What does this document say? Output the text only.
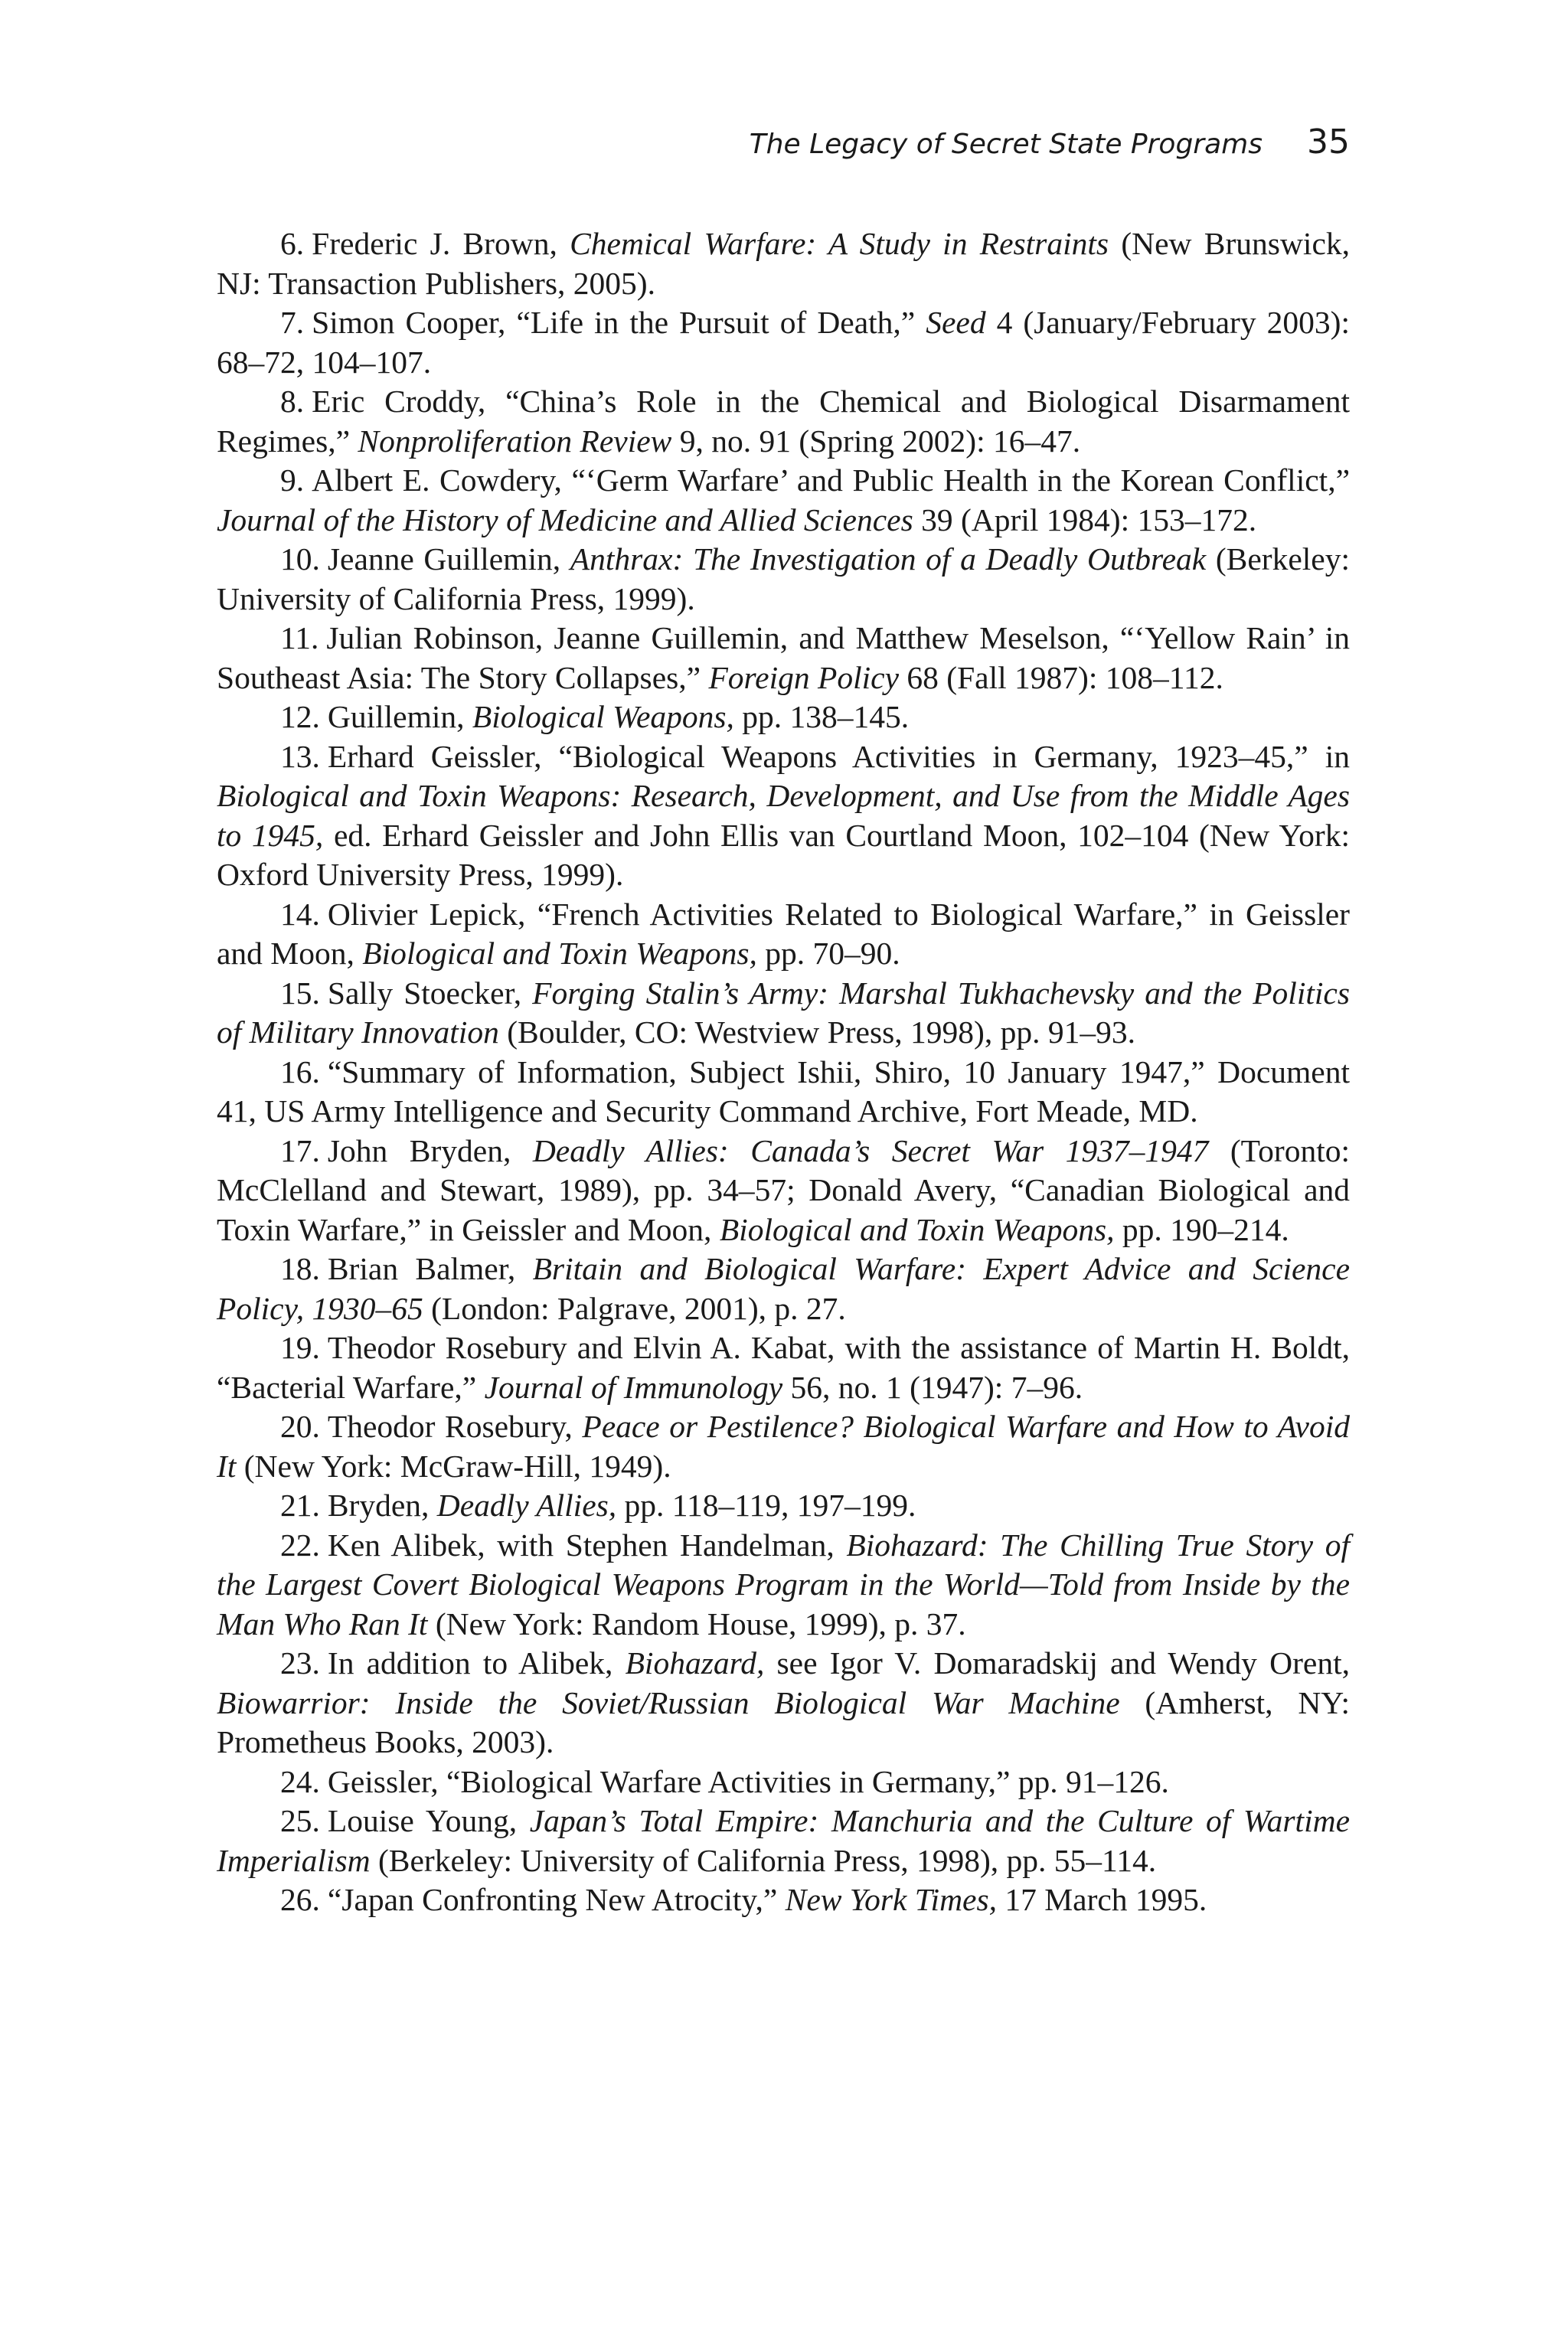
The Legacy of Secret State Programs 35
6. Frederic J. Brown, Chemical Warfare: A Study in Restraints (New Brunswick, NJ: Transaction Publishers, 2005).
7. Simon Cooper, “Life in the Pursuit of Death,” Seed 4 (January/February 2003): 68–72, 104–107.
8. Eric Croddy, “China’s Role in the Chemical and Biological Disarmament Regimes,” Nonproliferation Review 9, no. 91 (Spring 2002): 16–47.
9. Albert E. Cowdery, “‘Germ Warfare’ and Public Health in the Korean Conflict,” Journal of the History of Medicine and Allied Sciences 39 (April 1984): 153–172.
10. Jeanne Guillemin, Anthrax: The Investigation of a Deadly Outbreak (Berkeley: University of California Press, 1999).
11. Julian Robinson, Jeanne Guillemin, and Matthew Meselson, “‘Yellow Rain’ in Southeast Asia: The Story Collapses,” Foreign Policy 68 (Fall 1987): 108–112.
12. Guillemin, Biological Weapons, pp. 138–145.
13. Erhard Geissler, “Biological Weapons Activities in Germany, 1923–45,” in Biological and Toxin Weapons: Research, Development, and Use from the Middle Ages to 1945, ed. Erhard Geissler and John Ellis van Courtland Moon, 102–104 (New York: Oxford University Press, 1999).
14. Olivier Lepick, “French Activities Related to Biological Warfare,” in Geissler and Moon, Biological and Toxin Weapons, pp. 70–90.
15. Sally Stoecker, Forging Stalin’s Army: Marshal Tukhachevsky and the Politics of Military Innovation (Boulder, CO: Westview Press, 1998), pp. 91–93.
16. “Summary of Information, Subject Ishii, Shiro, 10 January 1947,” Document 41, US Army Intelligence and Security Command Archive, Fort Meade, MD.
17. John Bryden, Deadly Allies: Canada’s Secret War 1937–1947 (Toronto: McClelland and Stewart, 1989), pp. 34–57; Donald Avery, “Canadian Biological and Toxin Warfare,” in Geissler and Moon, Biological and Toxin Weapons, pp. 190–214.
18. Brian Balmer, Britain and Biological Warfare: Expert Advice and Science Policy, 1930–65 (London: Palgrave, 2001), p. 27.
19. Theodor Rosebury and Elvin A. Kabat, with the assistance of Martin H. Boldt, “Bacterial Warfare,” Journal of Immunology 56, no. 1 (1947): 7–96.
20. Theodor Rosebury, Peace or Pestilence? Biological Warfare and How to Avoid It (New York: McGraw-Hill, 1949).
21. Bryden, Deadly Allies, pp. 118–119, 197–199.
22. Ken Alibek, with Stephen Handelman, Biohazard: The Chilling True Story of the Largest Covert Biological Weapons Program in the World—Told from Inside by the Man Who Ran It (New York: Random House, 1999), p. 37.
23. In addition to Alibek, Biohazard, see Igor V. Domaradskij and Wendy Orent, Biowarrior: Inside the Soviet/Russian Biological War Machine (Amherst, NY: Prometheus Books, 2003).
24. Geissler, “Biological Warfare Activities in Germany,” pp. 91–126.
25. Louise Young, Japan’s Total Empire: Manchuria and the Culture of Wartime Imperialism (Berkeley: University of California Press, 1998), pp. 55–114.
26. “Japan Confronting New Atrocity,” New York Times, 17 March 1995.
